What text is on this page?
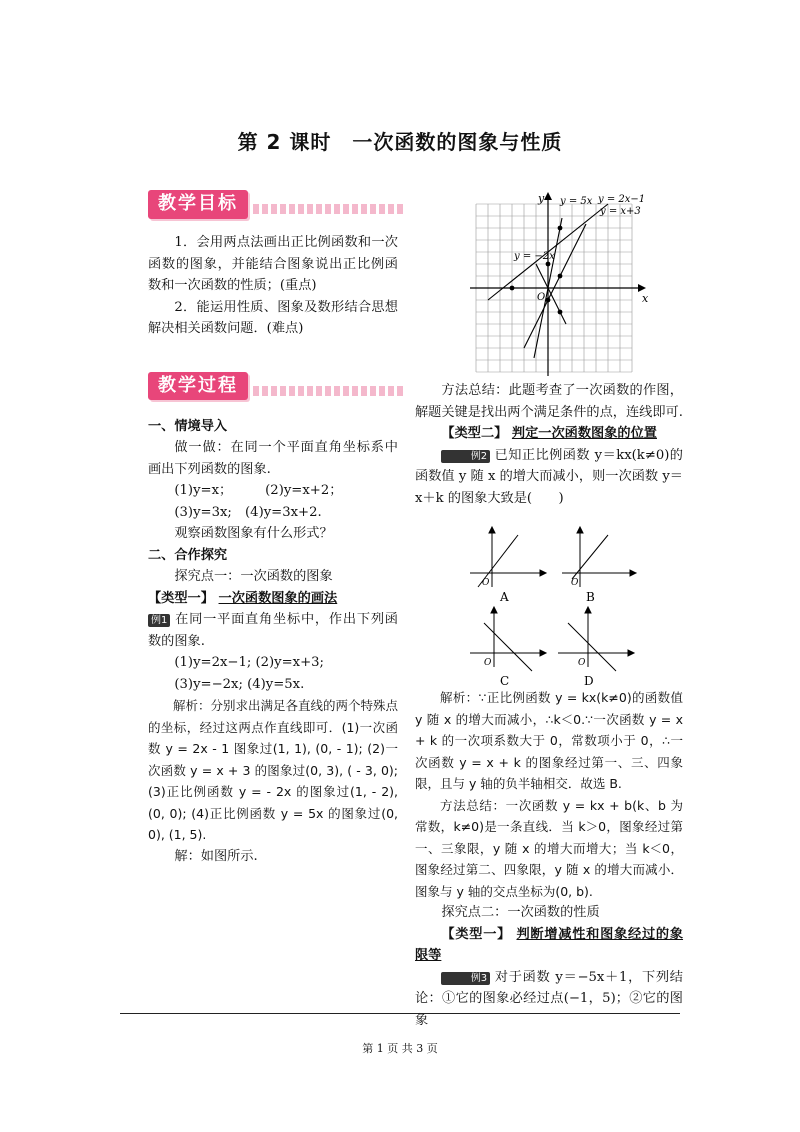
第 2 课时　一次函数的图象与性质
教学目标

1．会用两点法画出正比例函数和一次函数的图象，并能结合图象说出正比例函数和一次函数的性质；(重点)

2．能运用性质、图象及数形结合思想解决相关函数问题．(难点)

教学过程

一、情境导入

做一做：在同一个平面直角坐标系中画出下列函数的图象.

(1)y=x；　　　(2)y=x+2；

(3)y=3x;　(4)y=3x+2.

观察函数图象有什么形式？

二、合作探究

探究点一：一次函数的图象

【类型一】 一次函数图象的画法

例1 在同一平面直角坐标中，作出下列函数的图象.

(1)y=2x−1; (2)y=x+3;

(3)y=−2x; (4)y=5x.

解析：分别求出满足各直线的两个特殊点的坐标，经过这两点作直线即可．(1)一次函数 y = 2x - 1 图象过(1, 1), (0, - 1); (2)一次函数 y = x + 3 的图象过(0, 3), ( - 3, 0); (3)正比例函数 y = - 2x 的图象过(1, - 2), (0, 0); (4)正比例函数 y = 5x 的图象过(0, 0), (1, 5).

解：如图所示.

y = 5x y = 2x−1
y = x+3
y = −2x
O	x
y

方法总结：此题考查了一次函数的作图，解题关键是找出两个满足条件的点，连线即可.

【类型二】 判定一次函数图象的位置

例2 已知正比例函数 y＝kx(k≠0)的函数值 y 随 x 的增大而减小，则一次函数 y＝x＋k 的图象大致是(　　)

解析：∵正比例函数 y = kx(k≠0)的函数值 y 随 x 的增大而减小，∴k＜0.∵一次函数 y = x + k 的一次项系数大于 0，常数项小于 0，∴一次函数 y = x + k 的图象经过第一、三、四象限，且与 y 轴的负半轴相交．故选 B.

方法总结：一次函数 y = kx + b(k、b 为常数，k≠0)是一条直线．当 k＞0，图象经过第一、三象限，y 随 x 的增大而增大；当 k＜0，图象经过第二、四象限，y 随 x 的增大而减小．图象与 y 轴的交点坐标为(0, b).

探究点二：一次函数的性质

【类型一】 判断增减性和图象经过的象限等

例3 对于函数 y＝−5x＋1，下列结论：①它的图象必经过点(−1，5)；②它的图象

A	B
C	D
O	O
O	O
第 1 页 共 3 页
